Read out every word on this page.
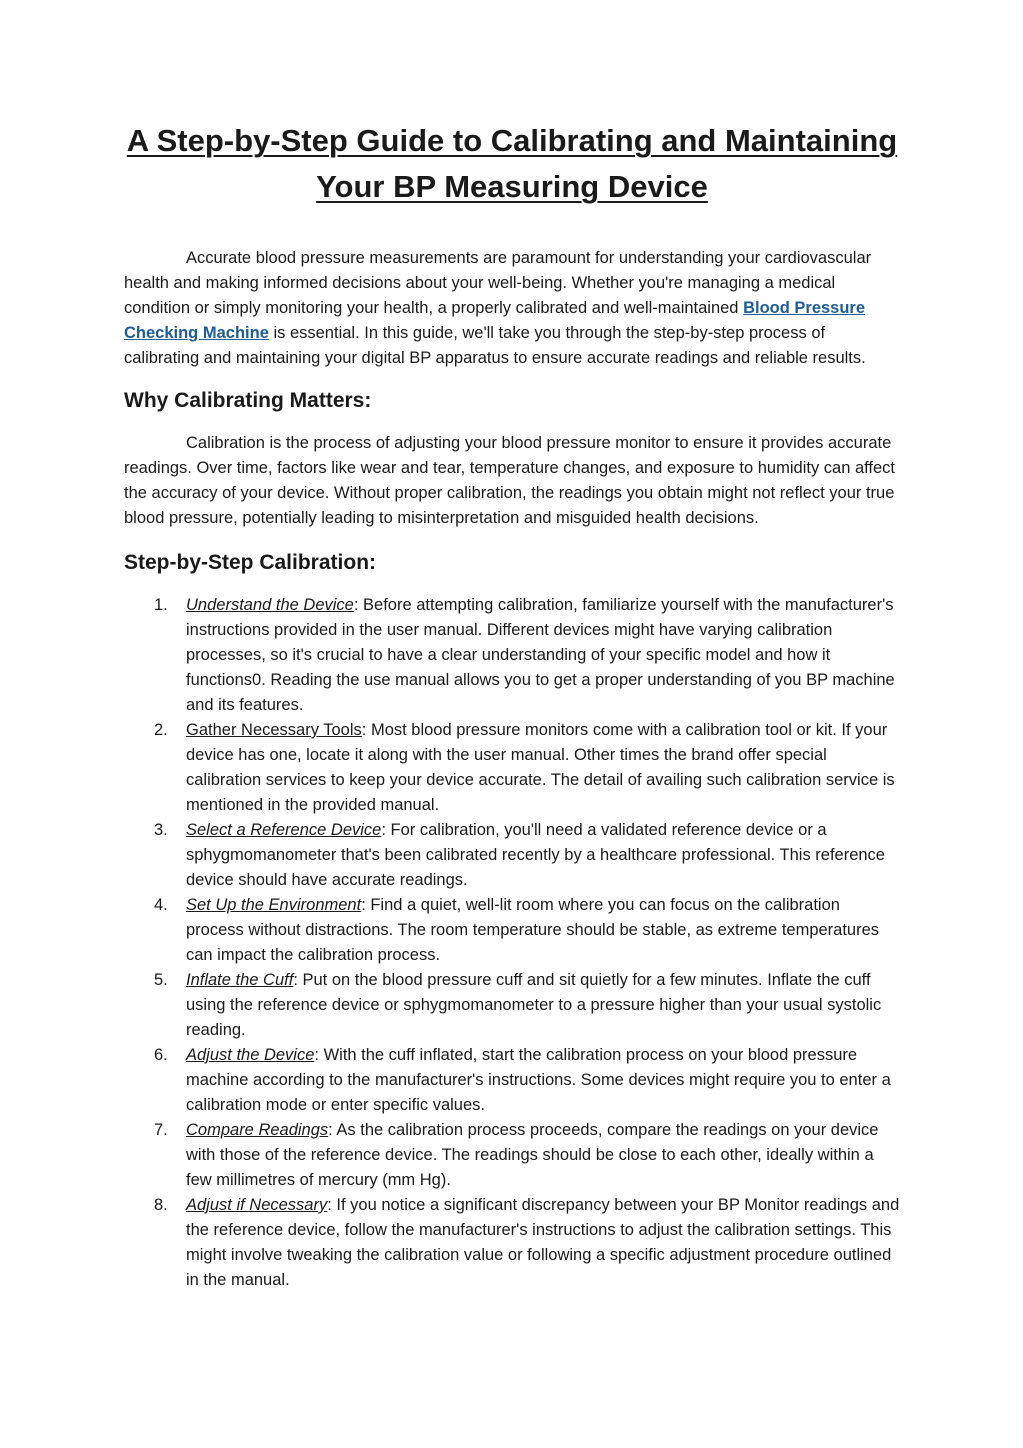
A Step-by-Step Guide to Calibrating and Maintaining
Your BP Measuring Device

Accurate blood pressure measurements are paramount for understanding your cardiovascular health and making informed decisions about your well-being. Whether you're managing a medical condition or simply monitoring your health, a properly calibrated and well-maintained Blood Pressure Checking Machine is essential. In this guide, we'll take you through the step-by-step process of calibrating and maintaining your digital BP apparatus to ensure accurate readings and reliable results.

Why Calibrating Matters:

Calibration is the process of adjusting your blood pressure monitor to ensure it provides accurate readings. Over time, factors like wear and tear, temperature changes, and exposure to humidity can affect the accuracy of your device. Without proper calibration, the readings you obtain might not reflect your true blood pressure, potentially leading to misinterpretation and misguided health decisions.

Step-by-Step Calibration:
1.	Understand the Device: Before attempting calibration, familiarize yourself with the manufacturer's instructions provided in the user manual. Different devices might have varying calibration processes, so it's crucial to have a clear understanding of your specific model and how it functions0. Reading the use manual allows you to get a proper understanding of you BP machine and its features.
2.	Gather Necessary Tools: Most blood pressure monitors come with a calibration tool or kit. If your device has one, locate it along with the user manual. Other times the brand offer special calibration services to keep your device accurate. The detail of availing such calibration service is mentioned in the provided manual.
3.	Select a Reference Device: For calibration, you'll need a validated reference device or a sphygmomanometer that's been calibrated recently by a healthcare professional. This reference device should have accurate readings.
4.	Set Up the Environment: Find a quiet, well-lit room where you can focus on the calibration process without distractions. The room temperature should be stable, as extreme temperatures can impact the calibration process.
5.	Inflate the Cuff: Put on the blood pressure cuff and sit quietly for a few minutes. Inflate the cuff using the reference device or sphygmomanometer to a pressure higher than your usual systolic reading.
6.	Adjust the Device: With the cuff inflated, start the calibration process on your blood pressure machine according to the manufacturer's instructions. Some devices might require you to enter a calibration mode or enter specific values.
7.	Compare Readings: As the calibration process proceeds, compare the readings on your device with those of the reference device. The readings should be close to each other, ideally within a few millimetres of mercury (mm Hg).
8.	Adjust if Necessary: If you notice a significant discrepancy between your BP Monitor readings and the reference device, follow the manufacturer's instructions to adjust the calibration settings. This might involve tweaking the calibration value or following a specific adjustment procedure outlined in the manual.
